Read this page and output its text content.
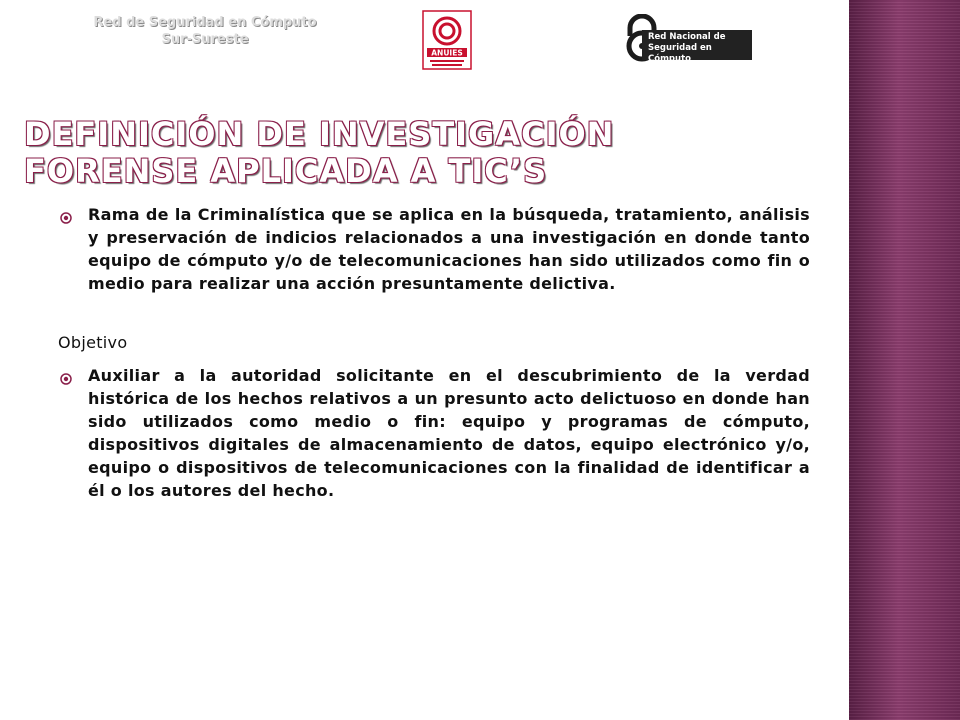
Red de Seguridad en Cómputo
Sur-Sureste
ANUIES
Red Nacional de
Seguridad en Cómputo
DEFINICIÓN DE INVESTIGACIÓN
FORENSE APLICADA A TIC’S
Rama de la Criminalística que se aplica en la búsqueda, tratamiento, análisis y preservación de indicios relacionados a una investigación en donde tanto equipo de cómputo y/o de telecomunicaciones han sido utilizados como fin o medio para realizar una acción presuntamente delictiva.
Objetivo
Auxiliar a la autoridad solicitante en el descubrimiento de la verdad histórica de los hechos relativos a un presunto acto delictuoso en donde han sido utilizados como medio o fin: equipo y programas de cómputo, dispositivos digitales de almacenamiento de datos, equipo electrónico y/o, equipo o dispositivos de telecomunicaciones con la finalidad de identificar a él o los autores del hecho.
